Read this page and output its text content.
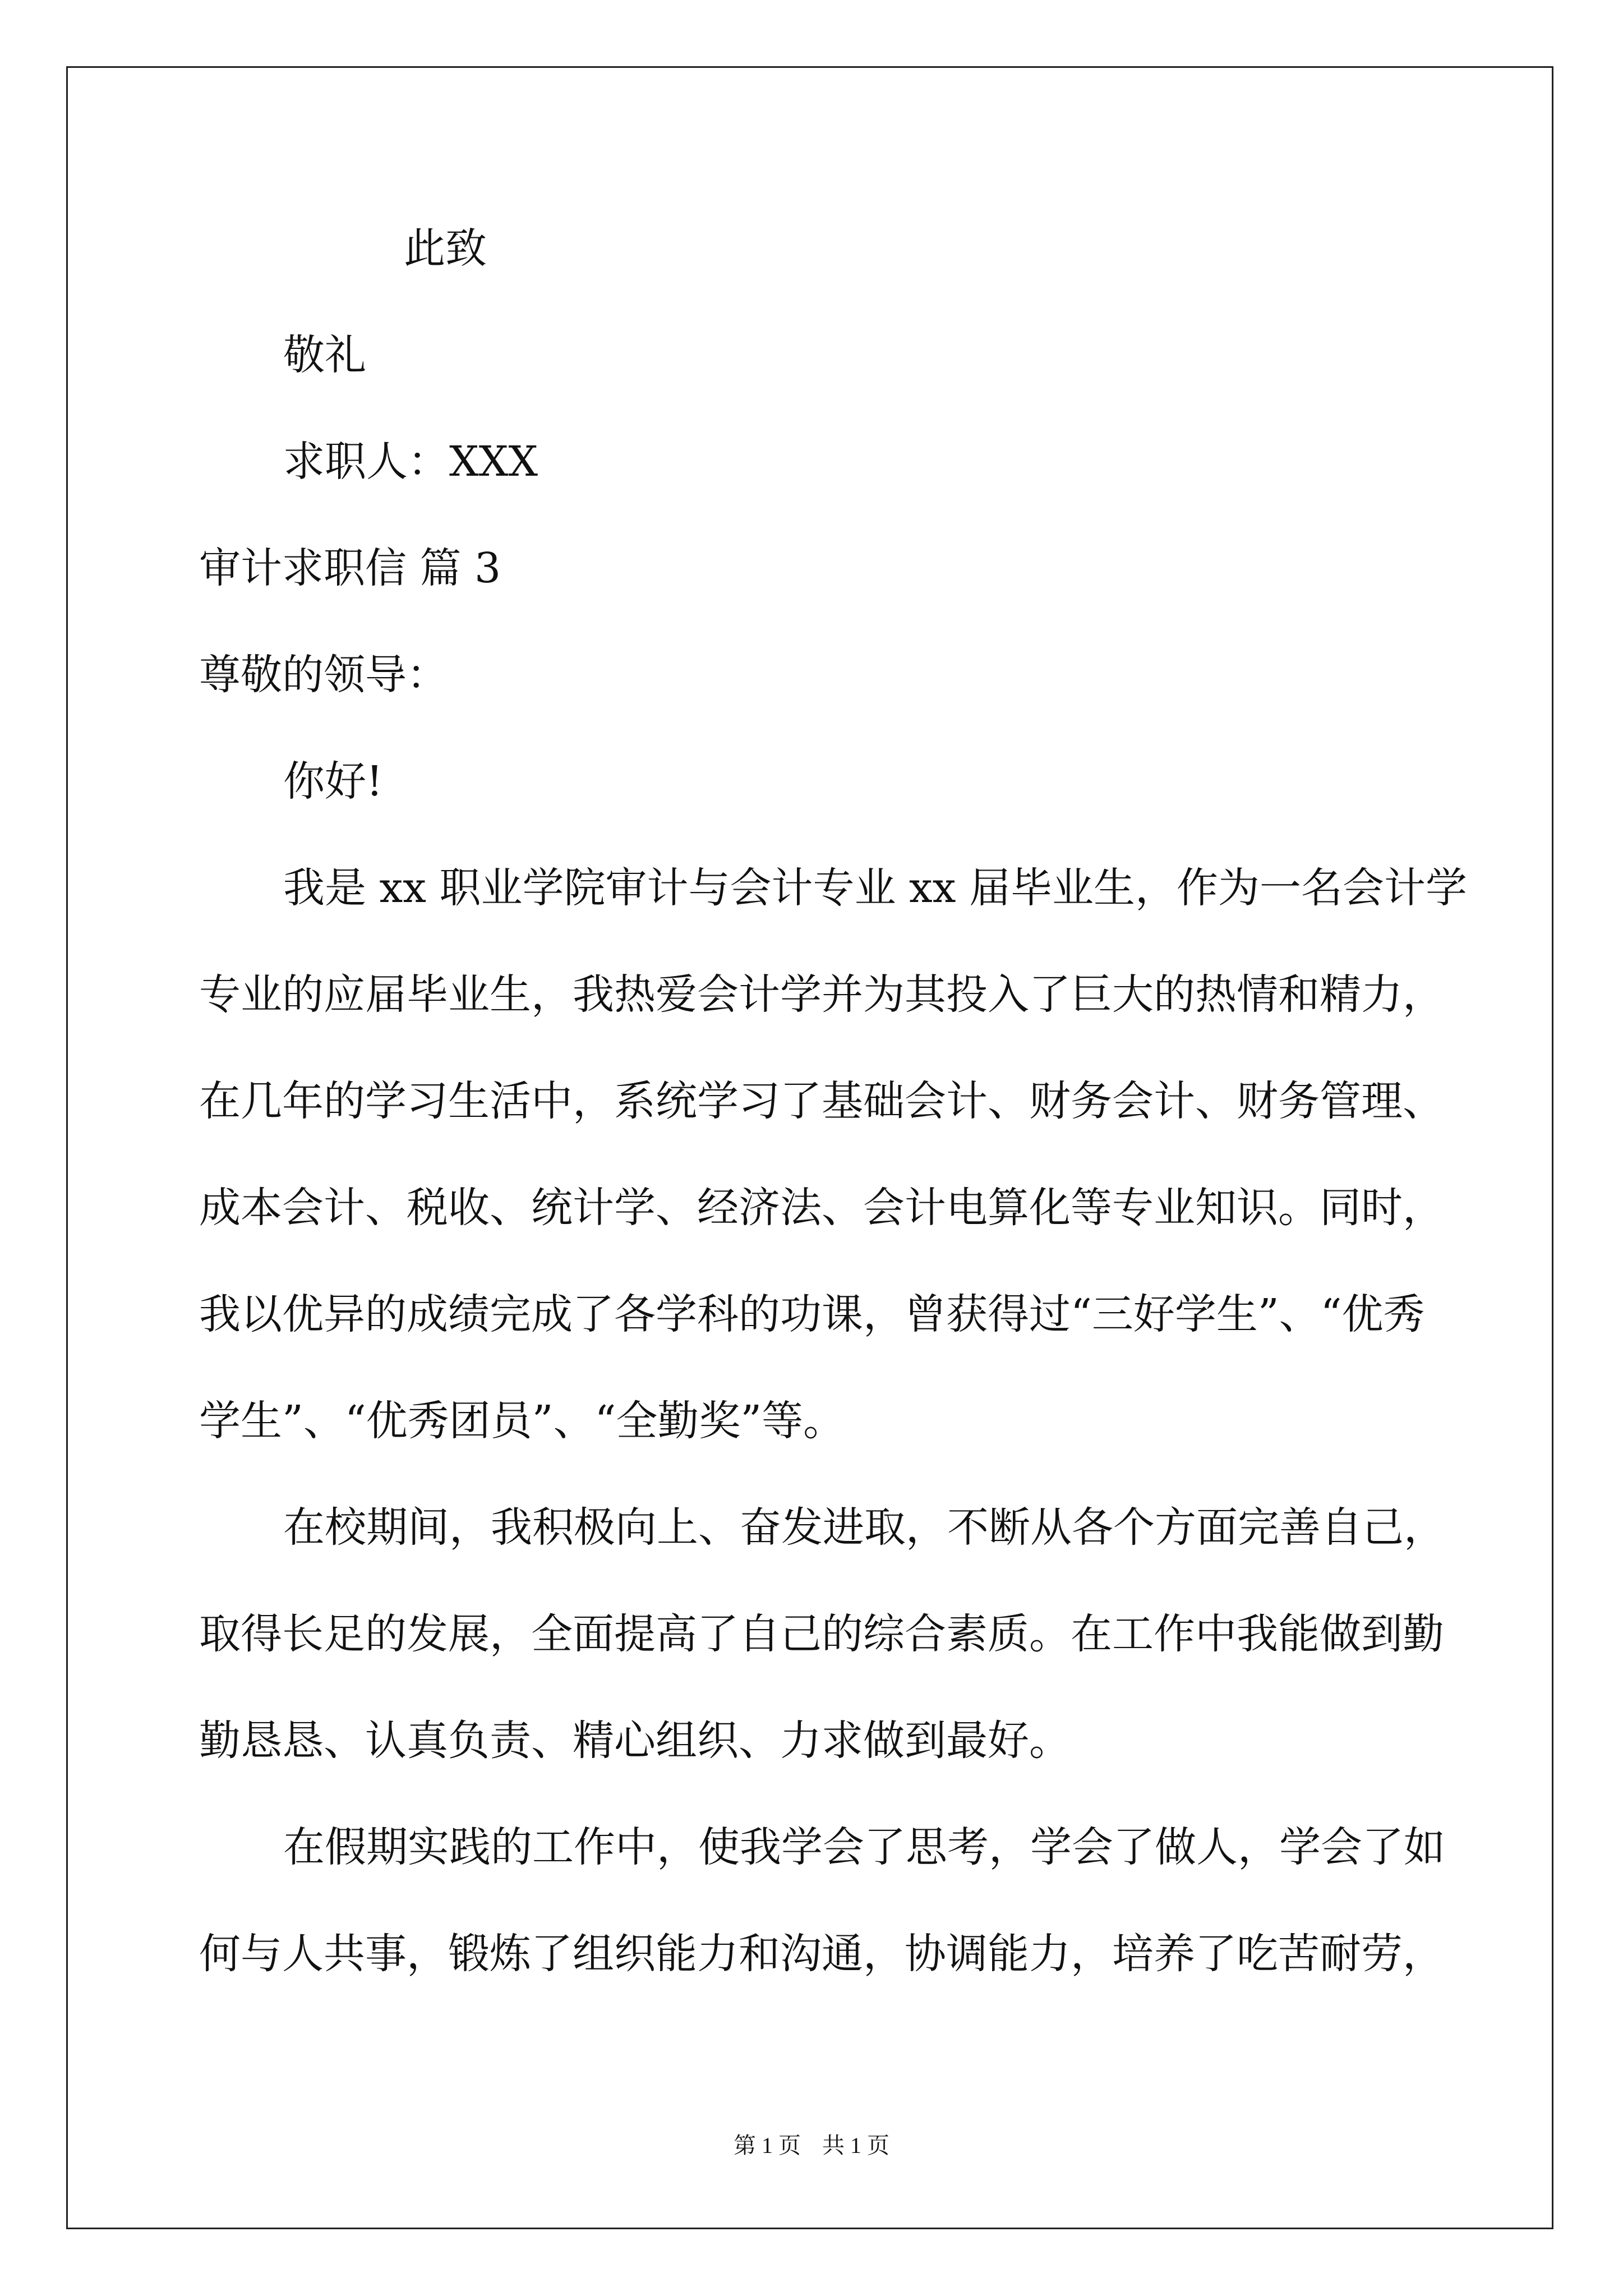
此致

敬礼

求职人：XXX

审计求职信 篇 3

尊敬的领导：

你好!

我是 xx 职业学院审计与会计专业 xx 届毕业生，作为一名会计学

专业的应届毕业生，我热爱会计学并为其投入了巨大的热情和精力，

在几年的学习生活中，系统学习了基础会计、财务会计、财务管理、

成本会计、税收、统计学、经济法、会计电算化等专业知识。同时，

我以优异的成绩完成了各学科的功课，曾获得过“三好学生”、“优秀

学生”、“优秀团员”、“全勤奖”等。

在校期间，我积极向上、奋发进取，不断从各个方面完善自己，

取得长足的发展，全面提高了自己的综合素质。在工作中我能做到勤

勤恳恳、认真负责、精心组织、力求做到最好。

在假期实践的工作中，使我学会了思考，学会了做人，学会了如

何与人共事，锻炼了组织能力和沟通，协调能力，培养了吃苦耐劳，

第 1 页 共 1 页
